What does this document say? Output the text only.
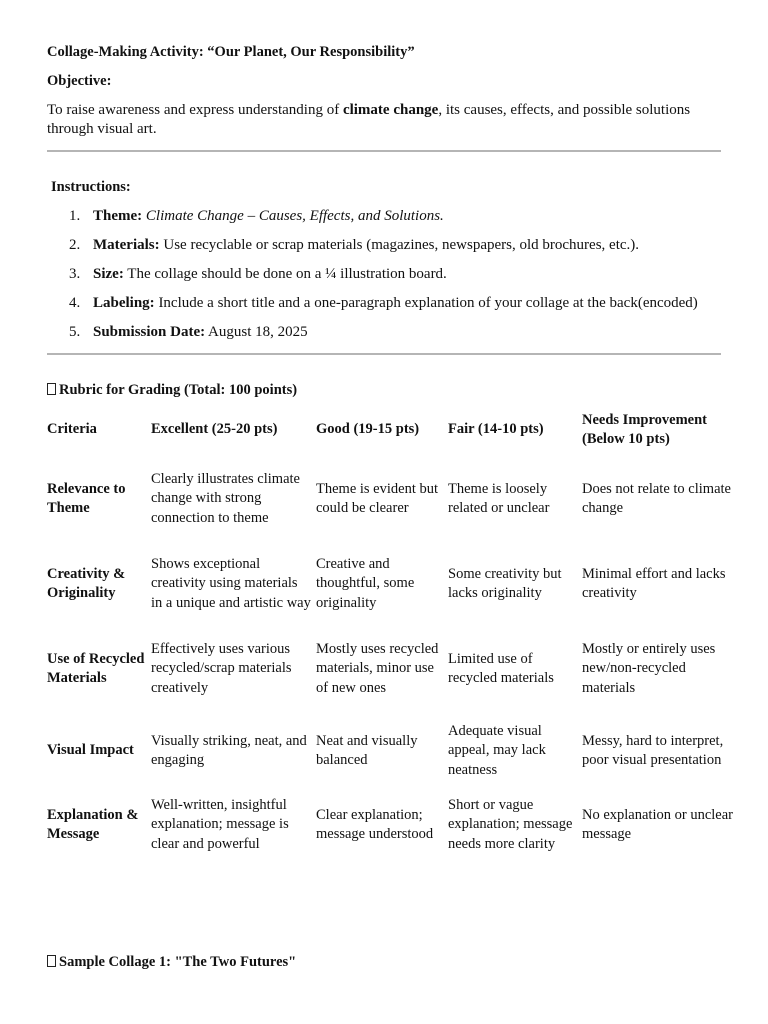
Collage-Making Activity: “Our Planet, Our Responsibility”
Objective:
To raise awareness and express understanding of climate change, its causes, effects, and possible solutions through visual art.
Instructions:
1. Theme: Climate Change – Causes, Effects, and Solutions.
2. Materials: Use recyclable or scrap materials (magazines, newspapers, old brochures, etc.).
3. Size: The collage should be done on a ¼ illustration board.
4. Labeling: Include a short title and a one-paragraph explanation of your collage at the back(encoded)
5. Submission Date: August 18, 2025
Rubric for Grading (Total: 100 points)
Criteria	Excellent (25-20 pts)	Good (19-15 pts)	Fair (14-10 pts)	Needs Improvement (Below 10 pts)
Relevance to Theme	Clearly illustrates climate change with strong connection to theme	Theme is evident but could be clearer	Theme is loosely related or unclear	Does not relate to climate change
Creativity & Originality	Shows exceptional creativity using materials in a unique and artistic way	Creative and thoughtful, some originality	Some creativity but lacks originality	Minimal effort and lacks creativity
Use of Recycled Materials	Effectively uses various recycled/scrap materials creatively	Mostly uses recycled materials, minor use of new ones	Limited use of recycled materials	Mostly or entirely uses new/non-recycled materials
Visual Impact	Visually striking, neat, and engaging	Neat and visually balanced	Adequate visual appeal, may lack neatness	Messy, hard to interpret, poor visual presentation
Explanation & Message	Well-written, insightful explanation; message is clear and powerful	Clear explanation; message understood	Short or vague explanation; message needs more clarity	No explanation or unclear message
Sample Collage 1: "The Two Futures"
